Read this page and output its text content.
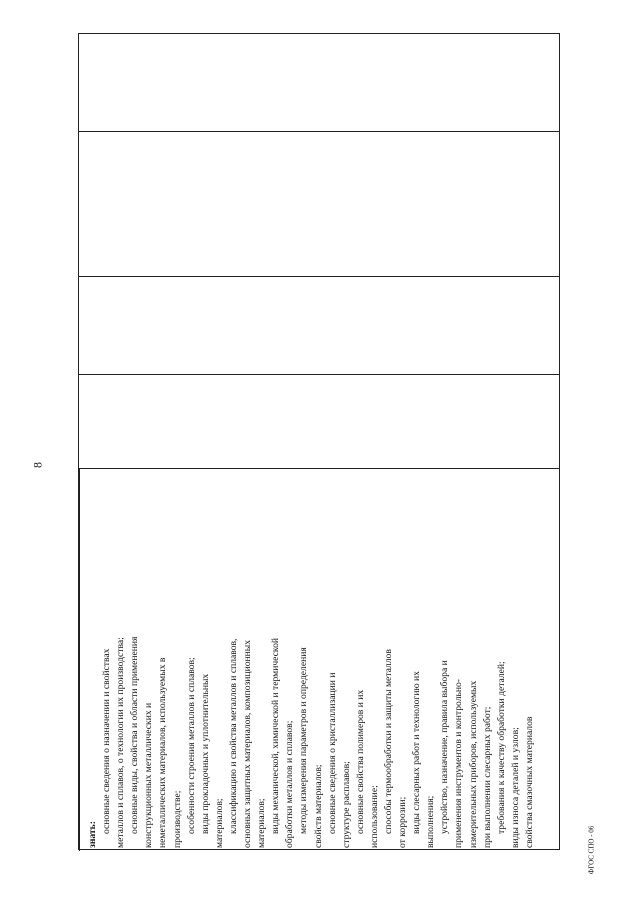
8

знать:

основные сведения о назначении и свойствах металлов и сплавов, о технологии их производства; основные виды, свойства и области применения конструкционных металлических и неметаллических материалов, используемых в производстве; особенности строения металлов и сплавов; виды прокладочных и уплотнительных материалов; классификацию и свойства металлов и сплавов, основных защитных материалов, композиционных материалов; виды механической, химической и термической обработки металлов и сплавов; методы измерения параметров и определения свойств материалов; основные сведения о кристаллизации и структуре расплавов; основные свойства полимеров и их использование; способы термообработки и защиты металлов от коррозии; виды слесарных работ и технологию их выполнения; устройство, назначение, правила выбора и применения инструментов и контрольно- измерительных приборов, используемых при выполнении слесарных работ; требования к качеству обработки деталей; виды износа деталей и узлов; свойства смазочных материалов

ФГОС СПО - 06
